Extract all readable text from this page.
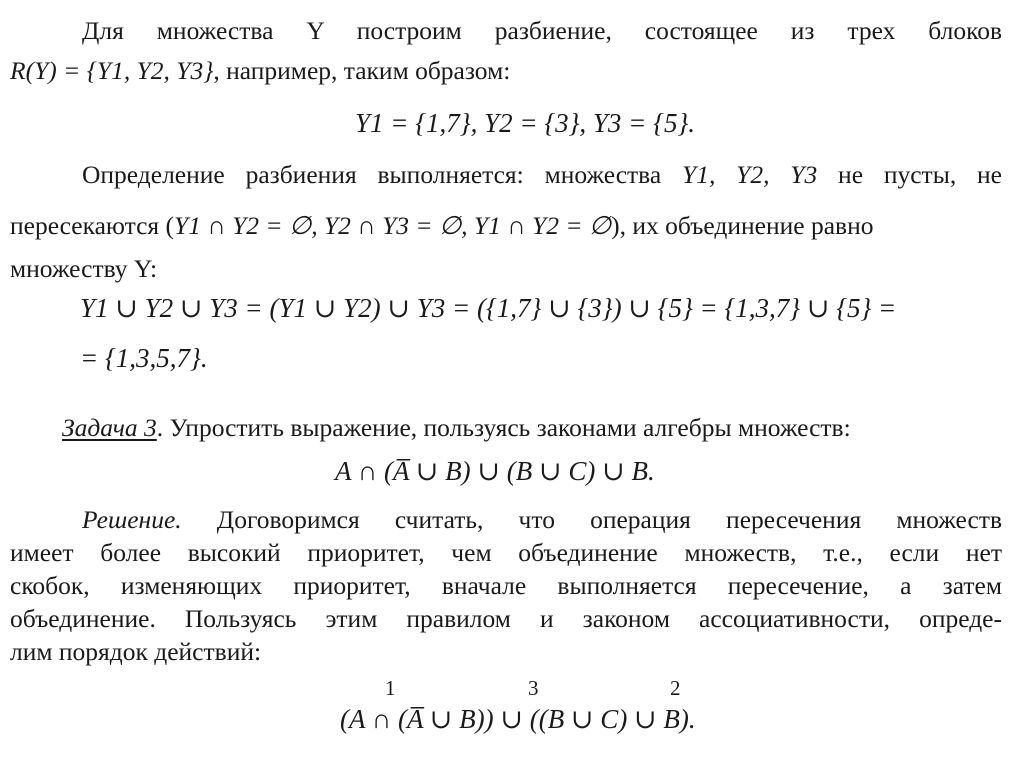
Для множества Y построим разбиение, состоящее из трех блоков
R(Y) = {Y1, Y2, Y3}, например, таким образом:
Y1 = {1,7}, Y2 = {3}, Y3 = {5}.
Определение разбиения выполняется: множества Y1, Y2, Y3 не пусты, не
пересекаются (Y1 ∩ Y2 = ∅, Y2 ∩ Y3 = ∅, Y1 ∩ Y2 = ∅), их объединение равно
множеству Y:
Y1 ∪ Y2 ∪ Y3 = (Y1 ∪ Y2) ∪ Y3 = ({1,7} ∪ {3}) ∪ {5} = {1,3,7} ∪ {5} =
= {1,3,5,7}.
Задача 3. Упростить выражение, пользуясь законами алгебры множеств:
A ∩ (A̅ ∪ B) ∪ (B ∪ C) ∪ B.
Решение. Договоримся считать, что операция пересечения множеств
имеет более высокий приоритет, чем объединение множеств, т.е., если нет
скобок, изменяющих приоритет, вначале выполняется пересечение, а затем
объединение. Пользуясь этим правилом и законом ассоциативности, опреде-
лим порядок действий:
1	3	2
(A ∩ (A̅ ∪ B)) ∪ ((B ∪ C) ∪ B).
